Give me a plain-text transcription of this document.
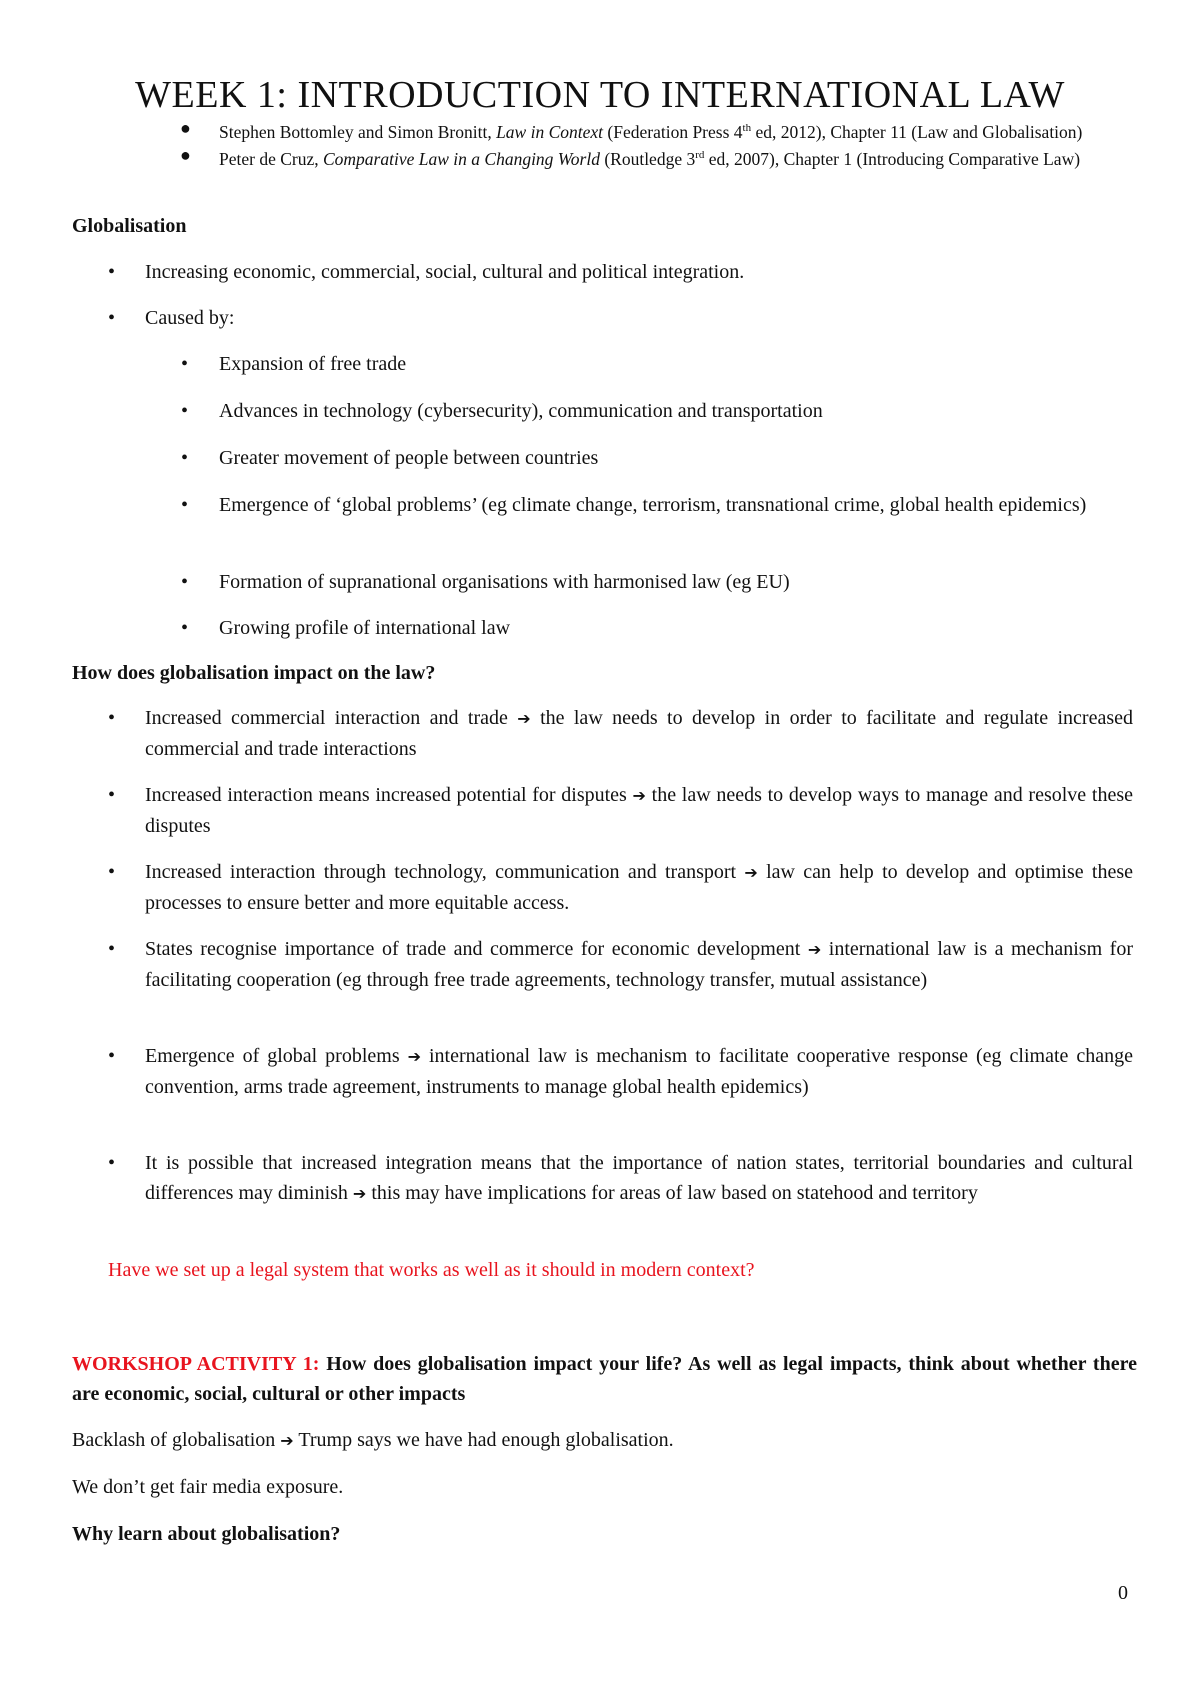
WEEK 1: INTRODUCTION TO INTERNATIONAL LAW
● Stephen Bottomley and Simon Bronitt, Law in Context (Federation Press 4th ed, 2012), Chapter 11 (Law and Globalisation)
● Peter de Cruz, Comparative Law in a Changing World (Routledge 3rd ed, 2007), Chapter 1 (Introducing Comparative Law)
Globalisation
• Increasing economic, commercial, social, cultural and political integration.
• Caused by:
• Expansion of free trade
• Advances in technology (cybersecurity), communication and transportation
• Greater movement of people between countries
• Emergence of ‘global problems’ (eg climate change, terrorism, transnational crime, global health epidemics)
• Formation of supranational organisations with harmonised law (eg EU)
• Growing profile of international law
How does globalisation impact on the law?
• Increased commercial interaction and trade ➔ the law needs to develop in order to facilitate and regulate increased commercial and trade interactions
• Increased interaction means increased potential for disputes ➔ the law needs to develop ways to manage and resolve these disputes
• Increased interaction through technology, communication and transport ➔ law can help to develop and optimise these processes to ensure better and more equitable access.
• States recognise importance of trade and commerce for economic development ➔ international law is a mechanism for facilitating cooperation (eg through free trade agreements, technology transfer, mutual assistance)
• Emergence of global problems ➔ international law is mechanism to facilitate cooperative response (eg climate change convention, arms trade agreement, instruments to manage global health epidemics)
• It is possible that increased integration means that the importance of nation states, territorial boundaries and cultural differences may diminish ➔ this may have implications for areas of law based on statehood and territory
Have we set up a legal system that works as well as it should in modern context?
WORKSHOP ACTIVITY 1: How does globalisation impact your life? As well as legal impacts, think about whether there are economic, social, cultural or other impacts
Backlash of globalisation ➔ Trump says we have had enough globalisation.
We don’t get fair media exposure.
Why learn about globalisation?
0
